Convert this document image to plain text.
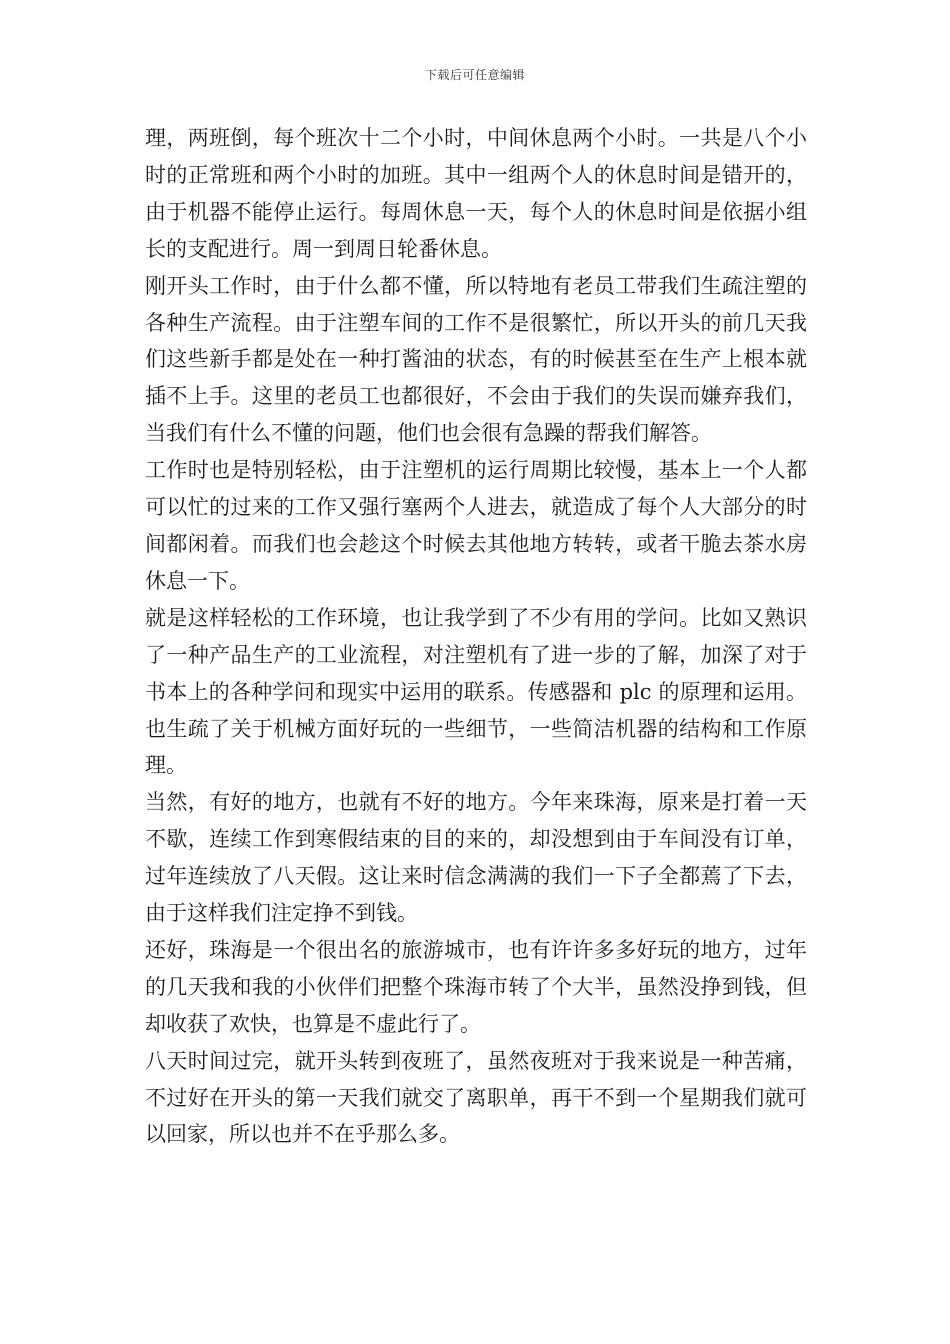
下载后可任意编辑

理，两班倒，每个班次十二个小时，中间休息两个小时。一共是八个小时的正常班和两个小时的加班。其中一组两个人的休息时间是错开的，由于机器不能停止运行。每周休息一天，每个人的休息时间是依据小组长的支配进行。周一到周日轮番休息。

刚开头工作时，由于什么都不懂，所以特地有老员工带我们生疏注塑的各种生产流程。由于注塑车间的工作不是很繁忙，所以开头的前几天我们这些新手都是处在一种打酱油的状态，有的时候甚至在生产上根本就插不上手。这里的老员工也都很好，不会由于我们的失误而嫌弃我们，当我们有什么不懂的问题，他们也会很有急躁的帮我们解答。

工作时也是特别轻松，由于注塑机的运行周期比较慢，基本上一个人都可以忙的过来的工作又强行塞两个人进去，就造成了每个人大部分的时间都闲着。而我们也会趁这个时候去其他地方转转，或者干脆去茶水房休息一下。

就是这样轻松的工作环境，也让我学到了不少有用的学问。比如又熟识了一种产品生产的工业流程，对注塑机有了进一步的了解，加深了对于书本上的各种学问和现实中运用的联系。传感器和 plc 的原理和运用。也生疏了关于机械方面好玩的一些细节，一些简洁机器的结构和工作原理。

当然，有好的地方，也就有不好的地方。今年来珠海，原来是打着一天不歇，连续工作到寒假结束的目的来的，却没想到由于车间没有订单，过年连续放了八天假。这让来时信念满满的我们一下子全都蔫了下去，由于这样我们注定挣不到钱。

还好，珠海是一个很出名的旅游城市，也有许许多多好玩的地方，过年的几天我和我的小伙伴们把整个珠海市转了个大半，虽然没挣到钱，但却收获了欢快，也算是不虚此行了。

八天时间过完，就开头转到夜班了，虽然夜班对于我来说是一种苦痛，不过好在开头的第一天我们就交了离职单，再干不到一个星期我们就可以回家，所以也并不在乎那么多。
